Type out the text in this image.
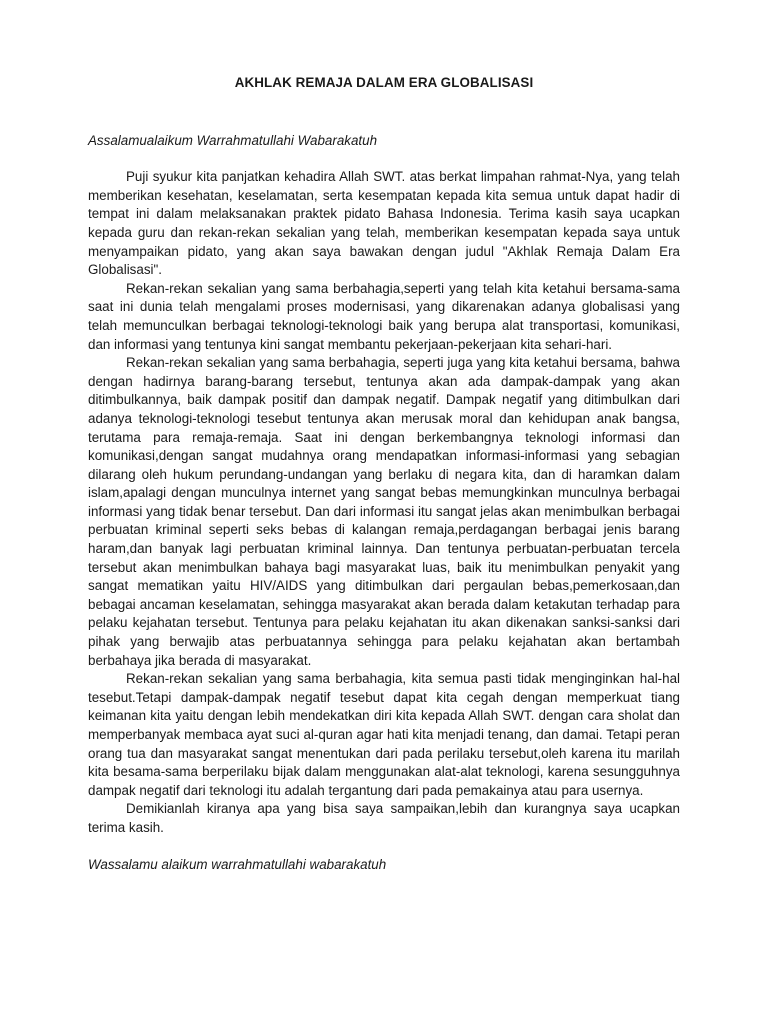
AKHLAK REMAJA DALAM ERA GLOBALISASI

Assalamualaikum Warrahmatullahi Wabarakatuh

Puji syukur kita panjatkan kehadira Allah SWT. atas berkat limpahan rahmat-Nya, yang telah memberikan kesehatan, keselamatan, serta kesempatan kepada kita semua untuk dapat hadir di tempat ini dalam melaksanakan praktek pidato Bahasa Indonesia. Terima kasih saya ucapkan kepada guru dan rekan-rekan sekalian yang telah, memberikan kesempatan kepada saya untuk menyampaikan pidato, yang akan saya bawakan dengan judul "Akhlak Remaja Dalam Era Globalisasi".

Rekan-rekan sekalian yang sama berbahagia,seperti yang telah kita ketahui bersama-sama saat ini dunia telah mengalami proses modernisasi, yang dikarenakan adanya globalisasi yang telah memunculkan berbagai teknologi-teknologi baik yang berupa alat transportasi, komunikasi, dan informasi yang tentunya kini sangat membantu pekerjaan-pekerjaan kita sehari-hari.

Rekan-rekan sekalian yang sama berbahagia, seperti juga yang kita ketahui bersama, bahwa dengan hadirnya barang-barang tersebut, tentunya akan ada dampak-dampak yang akan ditimbulkannya, baik dampak positif dan dampak negatif. Dampak negatif yang ditimbulkan dari adanya teknologi-teknologi tesebut tentunya akan merusak moral dan kehidupan anak bangsa, terutama para remaja-remaja. Saat ini dengan berkembangnya teknologi informasi dan komunikasi,dengan sangat mudahnya orang mendapatkan informasi-informasi yang sebagian dilarang oleh hukum perundang-undangan yang berlaku di negara kita, dan di haramkan dalam islam,apalagi dengan munculnya internet yang sangat bebas memungkinkan munculnya berbagai informasi yang tidak benar tersebut. Dan dari informasi itu sangat jelas akan menimbulkan berbagai perbuatan kriminal seperti seks bebas di kalangan remaja,perdagangan berbagai jenis barang haram,dan banyak lagi perbuatan kriminal lainnya. Dan tentunya perbuatan-perbuatan tercela tersebut akan menimbulkan bahaya bagi masyarakat luas, baik itu menimbulkan penyakit yang sangat mematikan yaitu HIV/AIDS yang ditimbulkan dari pergaulan bebas,pemerkosaan,dan bebagai ancaman keselamatan, sehingga masyarakat akan berada dalam ketakutan terhadap para pelaku kejahatan tersebut. Tentunya para pelaku kejahatan itu akan dikenakan sanksi-sanksi dari pihak yang berwajib atas perbuatannya sehingga para pelaku kejahatan akan bertambah berbahaya jika berada di masyarakat.

Rekan-rekan sekalian yang sama berbahagia, kita semua pasti tidak menginginkan hal-hal tesebut.Tetapi dampak-dampak negatif tesebut dapat kita cegah dengan memperkuat tiang keimanan kita yaitu dengan lebih mendekatkan diri kita kepada Allah SWT. dengan cara sholat dan memperbanyak membaca ayat suci al-quran agar hati kita menjadi tenang, dan damai. Tetapi peran orang tua dan masyarakat sangat menentukan dari pada perilaku tersebut,oleh karena itu marilah kita besama-sama berperilaku bijak dalam menggunakan alat-alat teknologi, karena sesungguhnya dampak negatif dari teknologi itu adalah tergantung dari pada pemakainya atau para usernya.

Demikianlah kiranya apa yang bisa saya sampaikan,lebih dan kurangnya saya ucapkan terima kasih.

Wassalamu alaikum warrahmatullahi wabarakatuh
